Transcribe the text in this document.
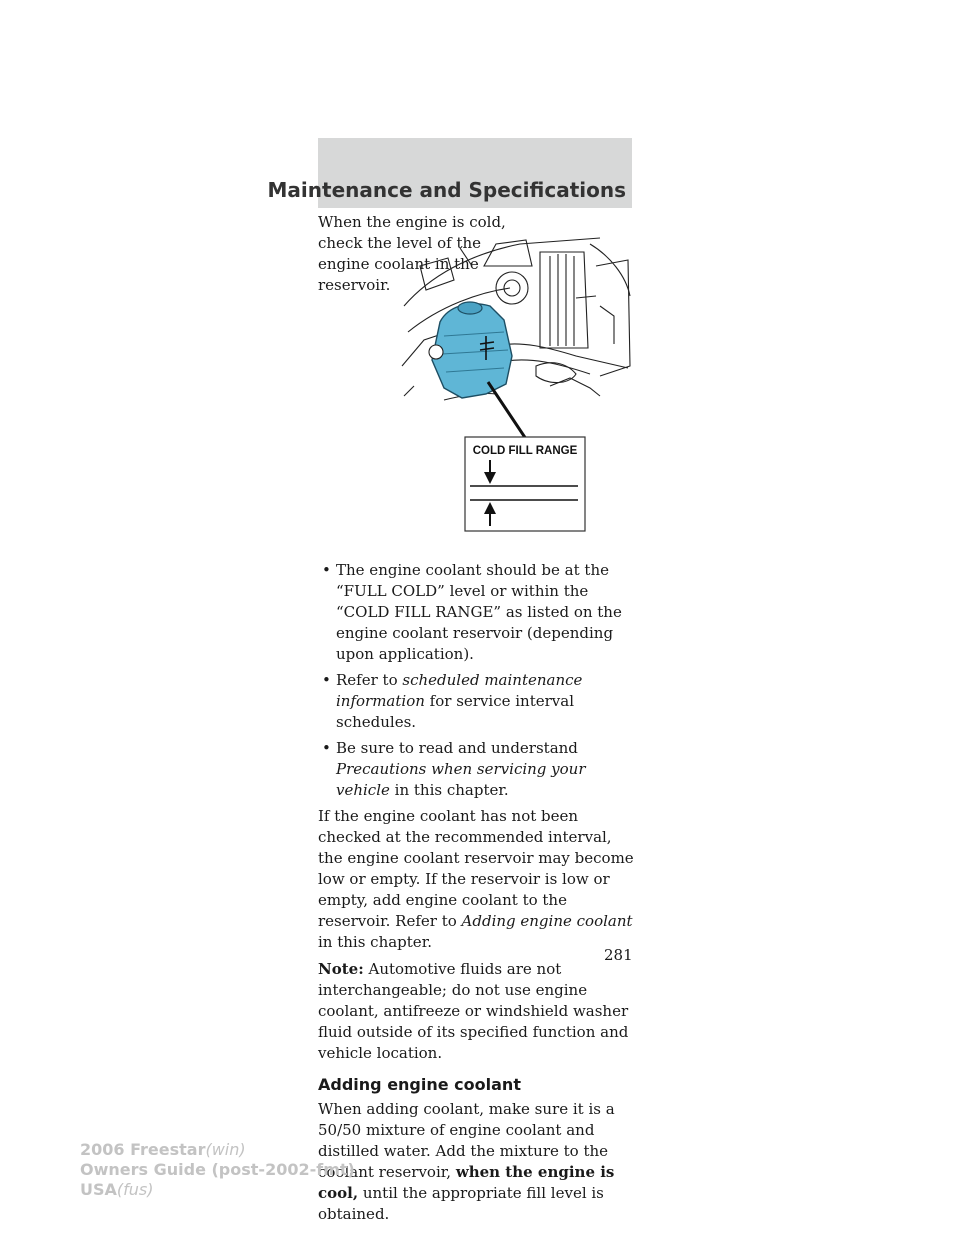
Maintenance and Specifications

When the engine is cold, check the level of the engine coolant in the reservoir.

COLD FILL RANGE
• The engine coolant should be at the “FULL COLD” level or within the “COLD FILL RANGE” as listed on the engine coolant reservoir (depending upon application).
• Refer to scheduled maintenance information for service interval schedules.
• Be sure to read and understand Precautions when servicing your vehicle in this chapter.

If the engine coolant has not been checked at the recommended interval, the engine coolant reservoir may become low or empty. If the reservoir is low or empty, add engine coolant to the reservoir. Refer to Adding engine coolant in this chapter.

Note: Automotive fluids are not interchangeable; do not use engine coolant, antifreeze or windshield washer fluid outside of its specified function and vehicle location.

Adding engine coolant

When adding coolant, make sure it is a 50/50 mixture of engine coolant and distilled water. Add the mixture to the coolant reservoir, when the engine is cool, until the appropriate fill level is obtained.

281
2006 Freestar(win)
Owners Guide (post-2002-fmt)
USA(fus)
